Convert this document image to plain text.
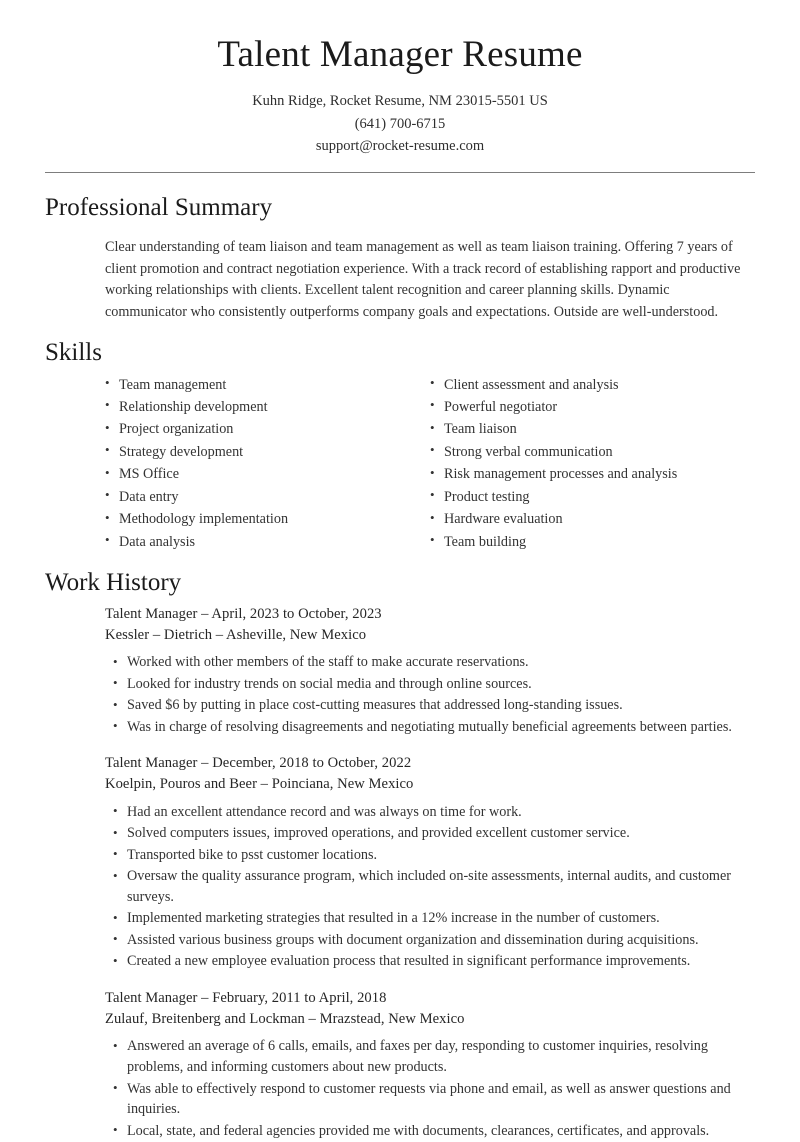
Talent Manager Resume
Kuhn Ridge, Rocket Resume, NM 23015-5501 US
(641) 700-6715
support@rocket-resume.com
Professional Summary

Clear understanding of team liaison and team management as well as team liaison training. Offering 7 years of client promotion and contract negotiation experience. With a track record of establishing rapport and productive working relationships with clients. Excellent talent recognition and career planning skills. Dynamic communicator who consistently outperforms company goals and expectations. Outside are well-understood.

Skills
• Team management
• Relationship development
• Project organization
• Strategy development
• MS Office
• Data entry
• Methodology implementation
• Data analysis
• Client assessment and analysis
• Powerful negotiator
• Team liaison
• Strong verbal communication
• Risk management processes and analysis
• Product testing
• Hardware evaluation
• Team building
Work History
Talent Manager – April, 2023 to October, 2023
Kessler – Dietrich – Asheville, New Mexico
• Worked with other members of the staff to make accurate reservations.
• Looked for industry trends on social media and through online sources.
• Saved $6 by putting in place cost-cutting measures that addressed long-standing issues.
• Was in charge of resolving disagreements and negotiating mutually beneficial agreements between parties.
Talent Manager – December, 2018 to October, 2022
Koelpin, Pouros and Beer – Poinciana, New Mexico
• Had an excellent attendance record and was always on time for work.
• Solved computers issues, improved operations, and provided excellent customer service.
• Transported bike to psst customer locations.
• Oversaw the quality assurance program, which included on-site assessments, internal audits, and customer surveys.
• Implemented marketing strategies that resulted in a 12% increase in the number of customers.
• Assisted various business groups with document organization and dissemination during acquisitions.
• Created a new employee evaluation process that resulted in significant performance improvements.
Talent Manager – February, 2011 to April, 2018
Zulauf, Breitenberg and Lockman – Mrazstead, New Mexico
• Answered an average of 6 calls, emails, and faxes per day, responding to customer inquiries, resolving problems, and informing customers about new products.
• Was able to effectively respond to customer requests via phone and email, as well as answer questions and inquiries.
• Local, state, and federal agencies provided me with documents, clearances, certificates, and approvals.
